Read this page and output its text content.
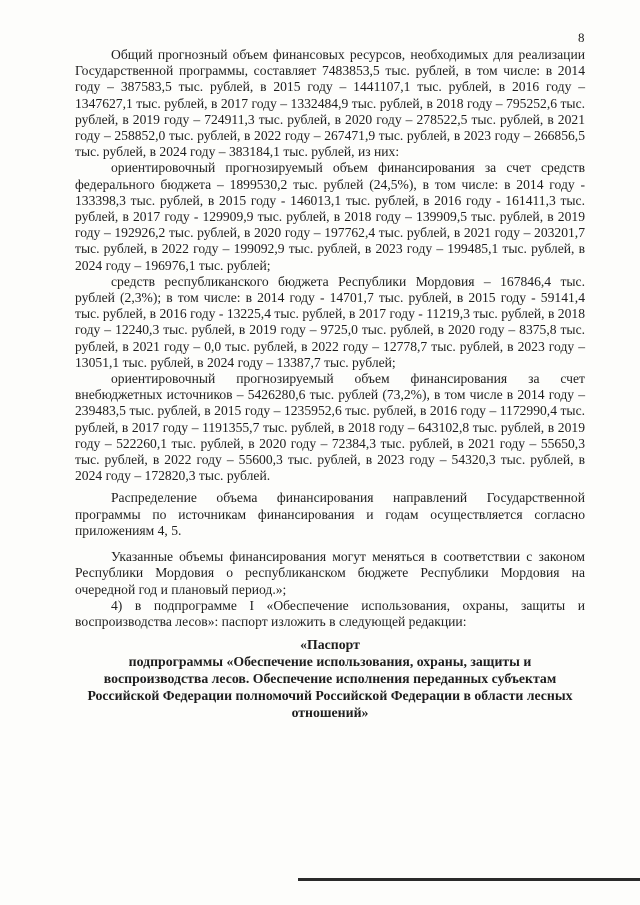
8

Общий прогнозный объем финансовых ресурсов, необходимых для реализации Государственной программы, составляет 7483853,5 тыс. рублей, в том числе: в 2014 году – 387583,5 тыс. рублей, в 2015 году – 1441107,1 тыс. рублей, в 2016 году – 1347627,1 тыс. рублей, в 2017 году – 1332484,9 тыс. рублей, в 2018 году – 795252,6 тыс. рублей, в 2019 году – 724911,3 тыс. рублей, в 2020 году – 278522,5 тыс. рублей, в 2021 году – 258852,0 тыс. рублей, в 2022 году – 267471,9 тыс. рублей, в 2023 году – 266856,5 тыс. рублей, в 2024 году – 383184,1 тыс. рублей, из них:

ориентировочный прогнозируемый объем финансирования за счет средств федерального бюджета – 1899530,2 тыс. рублей (24,5%), в том числе: в 2014 году - 133398,3 тыс. рублей, в 2015 году - 146013,1 тыс. рублей, в 2016 году - 161411,3 тыс. рублей, в 2017 году - 129909,9 тыс. рублей, в 2018 году – 139909,5 тыс. рублей, в 2019 году – 192926,2 тыс. рублей, в 2020 году – 197762,4 тыс. рублей, в 2021 году – 203201,7 тыс. рублей, в 2022 году – 199092,9 тыс. рублей, в 2023 году – 199485,1 тыс. рублей, в 2024 году – 196976,1 тыс. рублей;

средств республиканского бюджета Республики Мордовия – 167846,4 тыс. рублей (2,3%); в том числе: в 2014 году - 14701,7 тыс. рублей, в 2015 году - 59141,4 тыс. рублей, в 2016 году - 13225,4 тыс. рублей, в 2017 году - 11219,3 тыс. рублей, в 2018 году – 12240,3 тыс. рублей, в 2019 году – 9725,0 тыс. рублей, в 2020 году – 8375,8 тыс. рублей, в 2021 году – 0,0 тыс. рублей, в 2022 году – 12778,7 тыс. рублей, в 2023 году – 13051,1 тыс. рублей, в 2024 году – 13387,7 тыс. рублей;

ориентировочный прогнозируемый объем финансирования за счет внебюджетных источников – 5426280,6 тыс. рублей (73,2%), в том числе в 2014 году – 239483,5 тыс. рублей, в 2015 году – 1235952,6 тыс. рублей, в 2016 году – 1172990,4 тыс. рублей, в 2017 году – 1191355,7 тыс. рублей, в 2018 году – 643102,8 тыс. рублей, в 2019 году – 522260,1 тыс. рублей, в 2020 году – 72384,3 тыс. рублей, в 2021 году – 55650,3 тыс. рублей, в 2022 году – 55600,3 тыс. рублей, в 2023 году – 54320,3 тыс. рублей, в 2024 году – 172820,3 тыс. рублей.

Распределение объема финансирования направлений Государственной программы по источникам финансирования и годам осуществляется согласно приложениям 4, 5.

Указанные объемы финансирования могут меняться в соответствии с законом Республики Мордовия о республиканском бюджете Республики Мордовия на очередной год и плановый период.»;

4) в подпрограмме I «Обеспечение использования, охраны, защиты и воспроизводства лесов»: паспорт изложить в следующей редакции:

«Паспорт
подпрограммы «Обеспечение использования, охраны, защиты и воспроизводства лесов. Обеспечение исполнения переданных субъектам Российской Федерации полномочий Российской Федерации в области лесных отношений»
